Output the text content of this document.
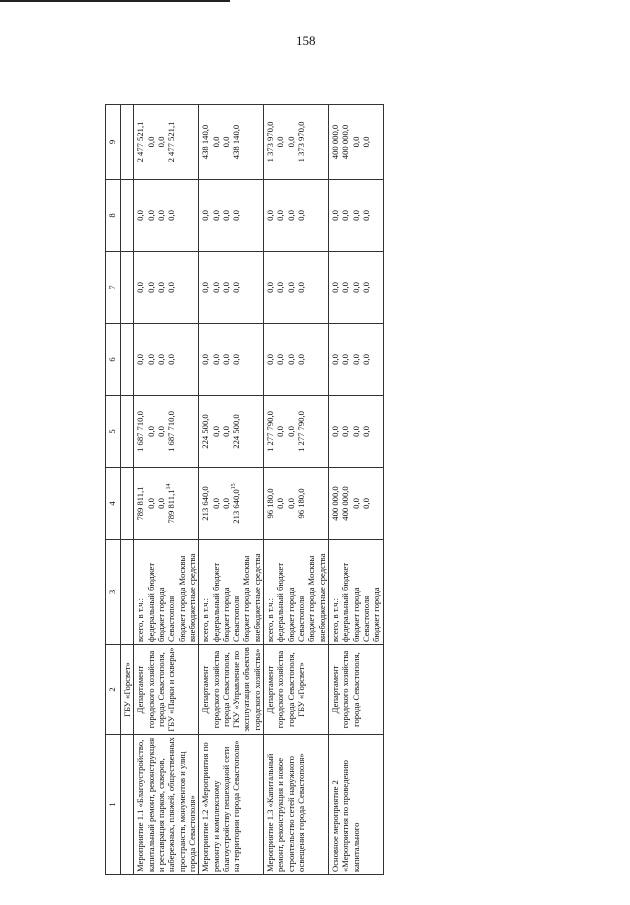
158
1	2	3	4	5	6	7	8	9
	ГБУ «Горсвет»							
Мероприятие 1.1 «Благоустройство, капитальный ремонт, реконструкция и реставрация парков, скверов, набережных, пляжей, общественных пространств, монументов и улиц города Севастополя»	Департамент городского хозяйства города Севастополя, ГБУ «Парки и скверы»	всего, в т.ч.: федеральный бюджет бюджет города Севастополя бюджет города Москвы внебюджетные средства	789 811,1 0,0 0,0 789 811,1$^{14}$	1 687 710,0 0,0 0,0 1 687 710,0	0,0 0,0 0,0 0,0	0,0 0,0 0,0 0,0	0,0 0,0 0,0 0,0	2 477 521,1 0,0 0,0 2 477 521,1

Мероприятие 1.2 «Мероприятия по ремонту и комплексному благоустройству пешеходной сети на территории города Севастополя»	Департамент городского хозяйства города Севастополя, ГКУ «Управление по эксплуатации объектов городского хозяйства»	всего, в т.ч.: федеральный бюджет бюджет города Севастополя бюджет города Москвы внебюджетные средства	213 640,0 0,0 0,0 213 640,0$^{15}$	224 500,0 0,0 0,0 224 500,0	0,0 0,0 0,0 0,0	0,0 0,0 0,0 0,0	0,0 0,0 0,0 0,0	438 140,0 0,0 0,0 438 140,0

Мероприятие 1.3 «Капитальный ремонт, реконструкция и новое строительство сетей наружного освещения города Севастополя»	Департамент городского хозяйства города Севастополя, ГБУ «Горсвет»	всего, в т.ч.: федеральный бюджет бюджет города Севастополя бюджет города Москвы внебюджетные средства	96 180,0 0,0 0,0 96 180,0	1 277 790,0 0,0 0,0 1 277 790,0	0,0 0,0 0,0 0,0	0,0 0,0 0,0 0,0	0,0 0,0 0,0 0,0	1 373 970,0 0,0 0,0 1 373 970,0

Основное мероприятие 2 «Мероприятия по проведению капитального	Департамент городского хозяйства города Севастополя,	всего, в т.ч.: федеральный бюджет бюджет города Севастополя бюджет города	400 000,0 400 000,0 0,0 0,0	0,0 0,0 0,0 0,0	0,0 0,0 0,0 0,0	0,0 0,0 0,0 0,0	0,0 0,0 0,0 0,0	400 000,0 400 000,0 0,0 0,0
